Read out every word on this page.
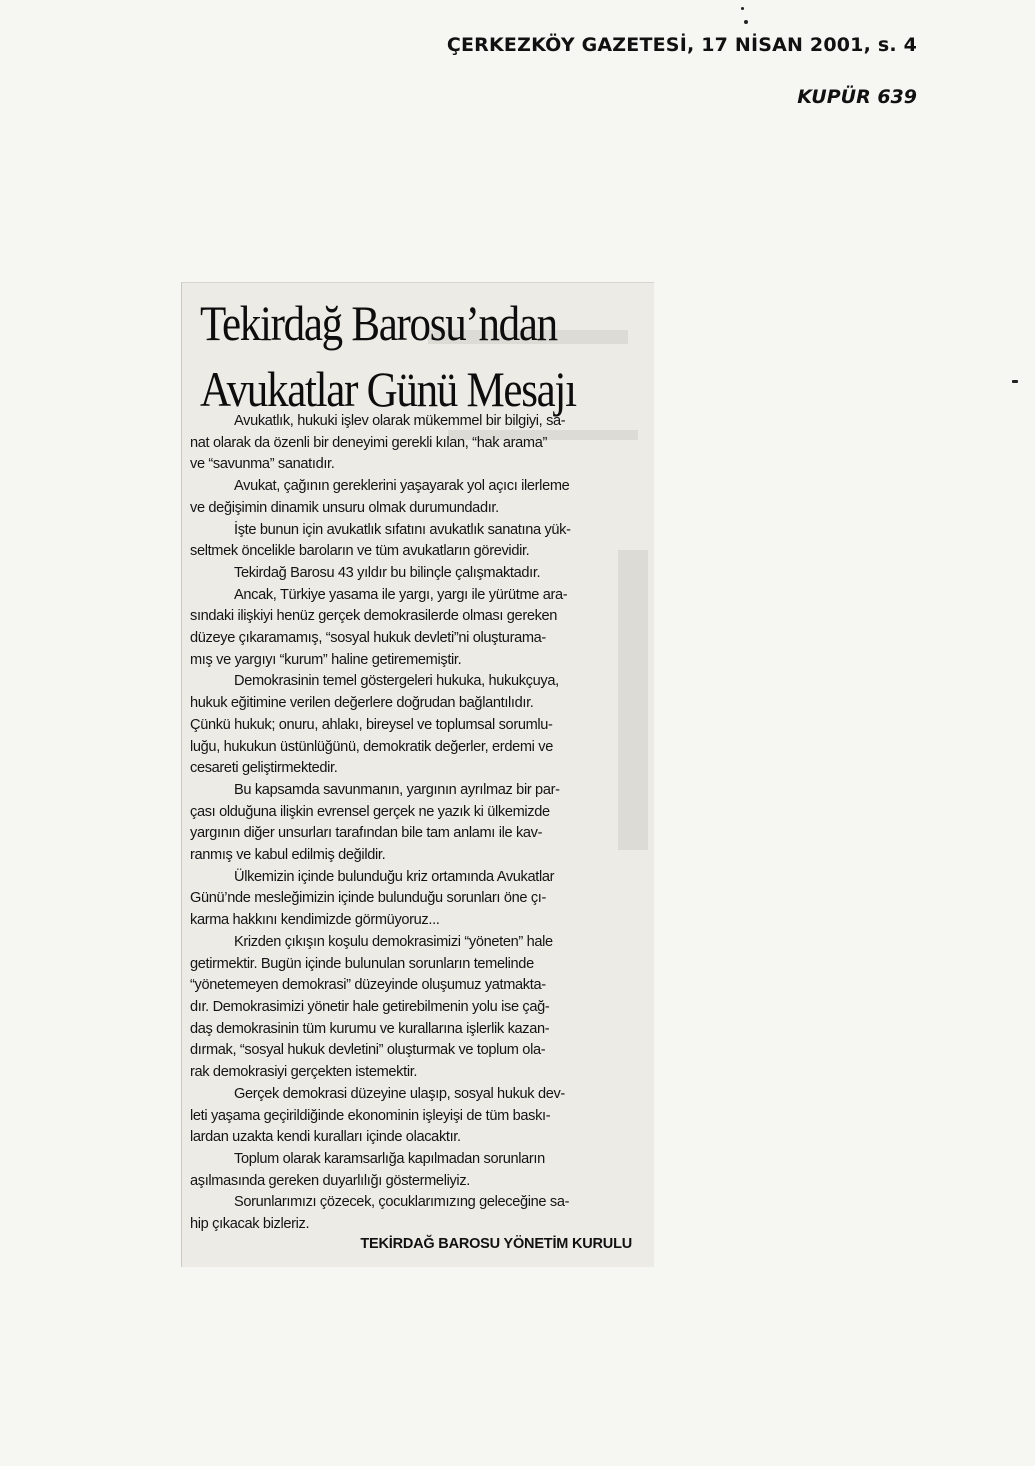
ÇERKEZKÖY GAZETESİ, 17 NİSAN 2001, s. 4
KUPÜR 639
Tekirdağ Barosu’ndan
Avukatlar Günü Mesajı

Avukatlık, hukuki işlev olarak mükemmel bir bilgiyi, sa-
nat olarak da özenli bir deneyimi gerekli kılan, “hak arama”
ve “savunma” sanatıdır.

Avukat, çağının gereklerini yaşayarak yol açıcı ilerleme
ve değişimin dinamik unsuru olmak durumundadır.

İşte bunun için avukatlık sıfatını avukatlık sanatına yük-
seltmek öncelikle baroların ve tüm avukatların görevidir.

Tekirdağ Barosu 43 yıldır bu bilinçle çalışmaktadır.

Ancak, Türkiye yasama ile yargı, yargı ile yürütme ara-
sındaki ilişkiyi henüz gerçek demokrasilerde olması gereken
düzeye çıkaramamış, “sosyal hukuk devleti”ni oluşturama-
mış ve yargıyı “kurum” haline getirememiştir.

Demokrasinin temel göstergeleri hukuka, hukukçuya,
hukuk eğitimine verilen değerlere doğrudan bağlantılıdır.
Çünkü hukuk; onuru, ahlakı, bireysel ve toplumsal sorumlu-
luğu, hukukun üstünlüğünü, demokratik değerler, erdemi ve
cesareti geliştirmektedir.

Bu kapsamda savunmanın, yargının ayrılmaz bir par-
çası olduğuna ilişkin evrensel gerçek ne yazık ki ülkemizde
yargının diğer unsurları tarafından bile tam anlamı ile kav-
ranmış ve kabul edilmiş değildir.

Ülkemizin içinde bulunduğu kriz ortamında Avukatlar
Günü’nde mesleğimizin içinde bulunduğu sorunları öne çı-
karma hakkını kendimizde görmüyoruz...

Krizden çıkışın koşulu demokrasimizi “yöneten” hale
getirmektir. Bugün içinde bulunulan sorunların temelinde
“yönetemeyen demokrasi” düzeyinde oluşumuz yatmakta-
dır. Demokrasimizi yönetir hale getirebilmenin yolu ise çağ-
daş demokrasinin tüm kurumu ve kurallarına işlerlik kazan-
dırmak, “sosyal hukuk devletini” oluşturmak ve toplum ola-
rak demokrasiyi gerçekten istemektir.

Gerçek demokrasi düzeyine ulaşıp, sosyal hukuk dev-
leti yaşama geçirildiğinde ekonominin işleyişi de tüm baskı-
lardan uzakta kendi kuralları içinde olacaktır.

Toplum olarak karamsarlığa kapılmadan sorunların
aşılmasında gereken duyarlılığı göstermeliyiz.

Sorunlarımızı çözecek, çocuklarımızıng geleceğine sa-
hip çıkacak bizleriz.

TEKİRDAĞ BAROSU YÖNETİM KURULU
